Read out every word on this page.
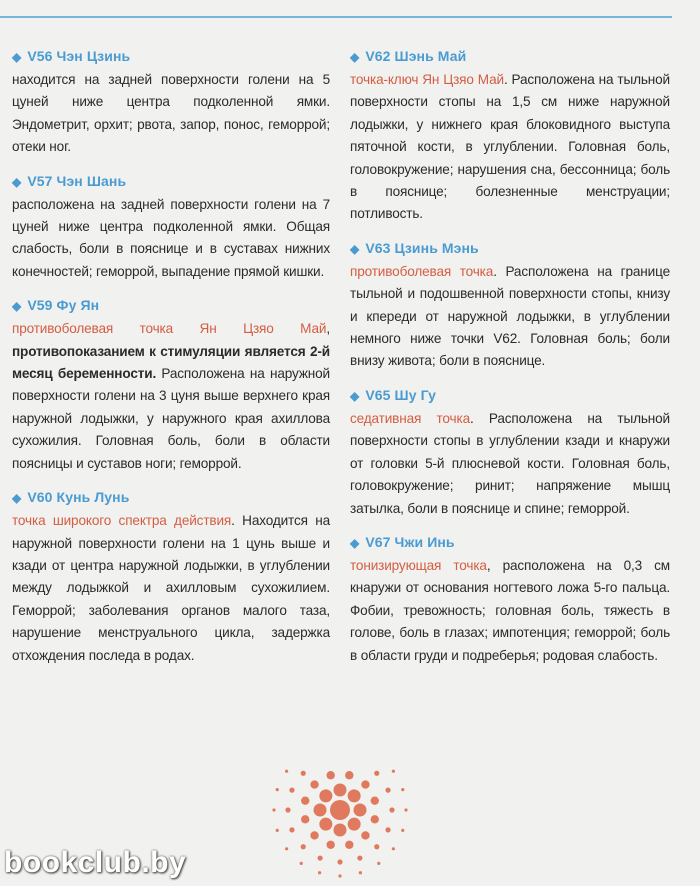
◆ V56 Чэн Цзинь
находится на задней поверхности голени на 5 цуней ниже центра подколенной ямки. Эндометрит, орхит; рвота, запор, понос, геморрой; отеки ног.
◆ V57 Чэн Шань
расположена на задней поверхности голени на 7 цуней ниже центра подколенной ямки. Общая слабость, боли в пояснице и в суставах нижних конечностей; геморрой, выпадение прямой кишки.
◆ V59 Фу Ян
противоболевая точка Ян Цзяо Май, противопоказанием к стимуляции является 2-й месяц беременности. Расположена на наружной поверхности голени на 3 цуня выше верхнего края наружной лодыжки, у наружного края ахиллова сухожилия. Головная боль, боли в области поясницы и суставов ноги; геморрой.
◆ V60 Кунь Лунь
точка широкого спектра действия. Находится на наружной поверхности голени на 1 цунь выше и кзади от центра наружной лодыжки, в углублении между лодыжкой и ахилловым сухожилием. Геморрой; заболевания органов малого таза, нарушение менструального цикла, задержка отхождения последа в родах.
◆ V62 Шэнь Май
точка-ключ Ян Цзяо Май. Расположена на тыльной поверхности стопы на 1,5 см ниже наружной лодыжки, у нижнего края блоковидного выступа пяточной кости, в углублении. Головная боль, головокружение; нарушения сна, бессонница; боль в пояснице; болезненные менструации; потливость.
◆ V63 Цзинь Мэнь
противоболевая точка. Расположена на границе тыльной и подошвенной поверхности стопы, книзу и кпереди от наружной лодыжки, в углублении немного ниже точки V62. Головная боль; боли внизу живота; боли в пояснице.
◆ V65 Шу Гу
седативная точка. Расположена на тыльной поверхности стопы в углублении кзади и кнаружи от головки 5-й плюсневой кости. Головная боль, головокружение; ринит; напряжение мышц затылка, боли в пояснице и спине; геморрой.
◆ V67 Чжи Инь
тонизирующая точка, расположена на 0,3 см кнаружи от основания ногтевого ложа 5-го пальца. Фобии, тревожность; головная боль, тяжесть в голове, боль в глазах; импотенция; геморрой; боль в области груди и подреберья; родовая слабость.
bookclub.by
